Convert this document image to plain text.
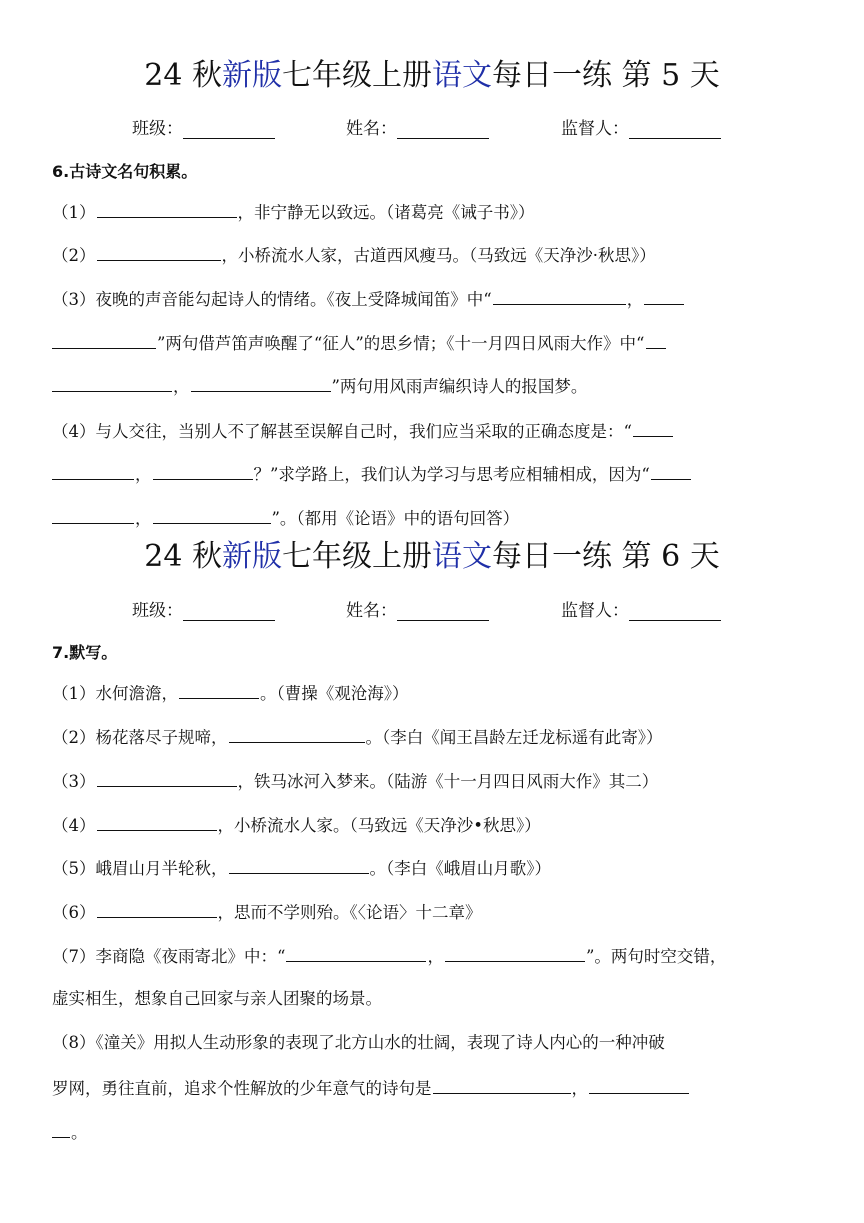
24 秋新版七年级上册语文每日一练 第 5 天
班级：	姓名：	监督人：
6.古诗文名句积累。
（1）	，非宁静无以致远。（诸葛亮《诫子书》）
（2）	，小桥流水人家，古道西风瘦马。（马致远《天净沙·秋思》）
（3）夜晚的声音能勾起诗人的情绪。《夜上受降城闻笛》中“	，
”两句借芦笛声唤醒了“征人”的思乡情；《十一月四日风雨大作》中“
，	”两句用风雨声编织诗人的报国梦。
（4）与人交往，当别人不了解甚至误解自己时，我们应当采取的正确态度是：“
，	？”求学路上，我们认为学习与思考应相辅相成，因为“
，	”。（都用《论语》中的语句回答）
24 秋新版七年级上册语文每日一练 第 6 天
班级：	姓名：	监督人：
7.默写。
（1）水何澹澹，	。（曹操《观沧海》）
（2）杨花落尽子规啼，	。（李白《闻王昌龄左迁龙标遥有此寄》）
（3）	，铁马冰河入梦来。（陆游《十一月四日风雨大作》其二）
（4）	，小桥流水人家。（马致远《天净沙•秋思》）
（5）峨眉山月半轮秋，	。（李白《峨眉山月歌》）
（6）	，思而不学则殆。《〈论语〉十二章》
（7）李商隐《夜雨寄北》中：“	，	”。两句时空交错，
虚实相生，想象自己回家与亲人团聚的场景。
（8）《潼关》用拟人生动形象的表现了北方山水的壮阔，表现了诗人内心的一种冲破
罗网，勇往直前，追求个性解放的少年意气的诗句是	，
。
